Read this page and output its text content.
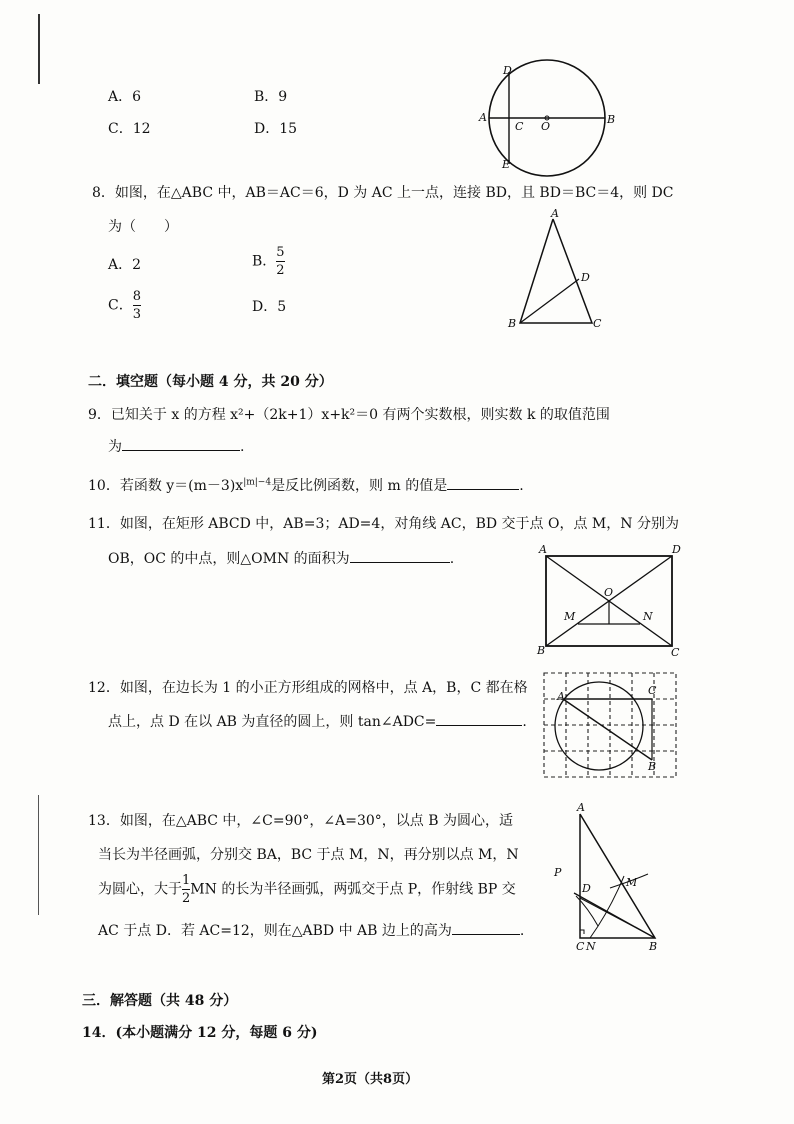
A．6	B．9
C．12	D．15
D
A
C O
B
E
8．如图，在△ABC 中，AB＝AC＝6，D 为 AC 上一点，连接 BD，且 BD＝BC＝4，则 DC
为（　　）
A．2	B． $\frac{5}{2}$
C． $\frac{8}{3}$	D．5
A
D
B	C
二．填空题（每小题 4 分，共 20 分）
9．已知关于 x 的方程 x²+（2k+1）x+k²＝0 有两个实数根，则实数 k 的取值范围
为	.
10．若函数 $y=(m-3)x^{|m|-4}$是反比例函数，则 m 的值是	.
11．如图，在矩形 ABCD 中，AB=3；AD=4，对角线 AC，BD 交于点 O，点 M，N 分别为
OB，OC 的中点，则△OMN 的面积为	.
A	D
O
M	N
B	C
12．如图，在边长为 1 的小正方形组成的网格中，点 A，B，C 都在格
点上，点 D 在以 AB 为直径的圆上，则 tan∠ADC=	.
A	C
B
13．如图，在△ABC 中，∠C=90°，∠A=30°，以点 B 为圆心，适
当长为半径画弧，分别交 BA，BC 于点 M，N，再分别以点 M，N
为圆心，大于 $\frac{1}{2}$ MN 的长为半径画弧，两弧交于点 P，作射线 BP 交
AC 于点 D．若 AC=12，则在△ABD 中 AB 边上的高为	.
A
P
D	M
C N	B
三．解答题（共 48 分）
14．(本小题满分 12 分，每题 6 分)
第2页（共8页）
